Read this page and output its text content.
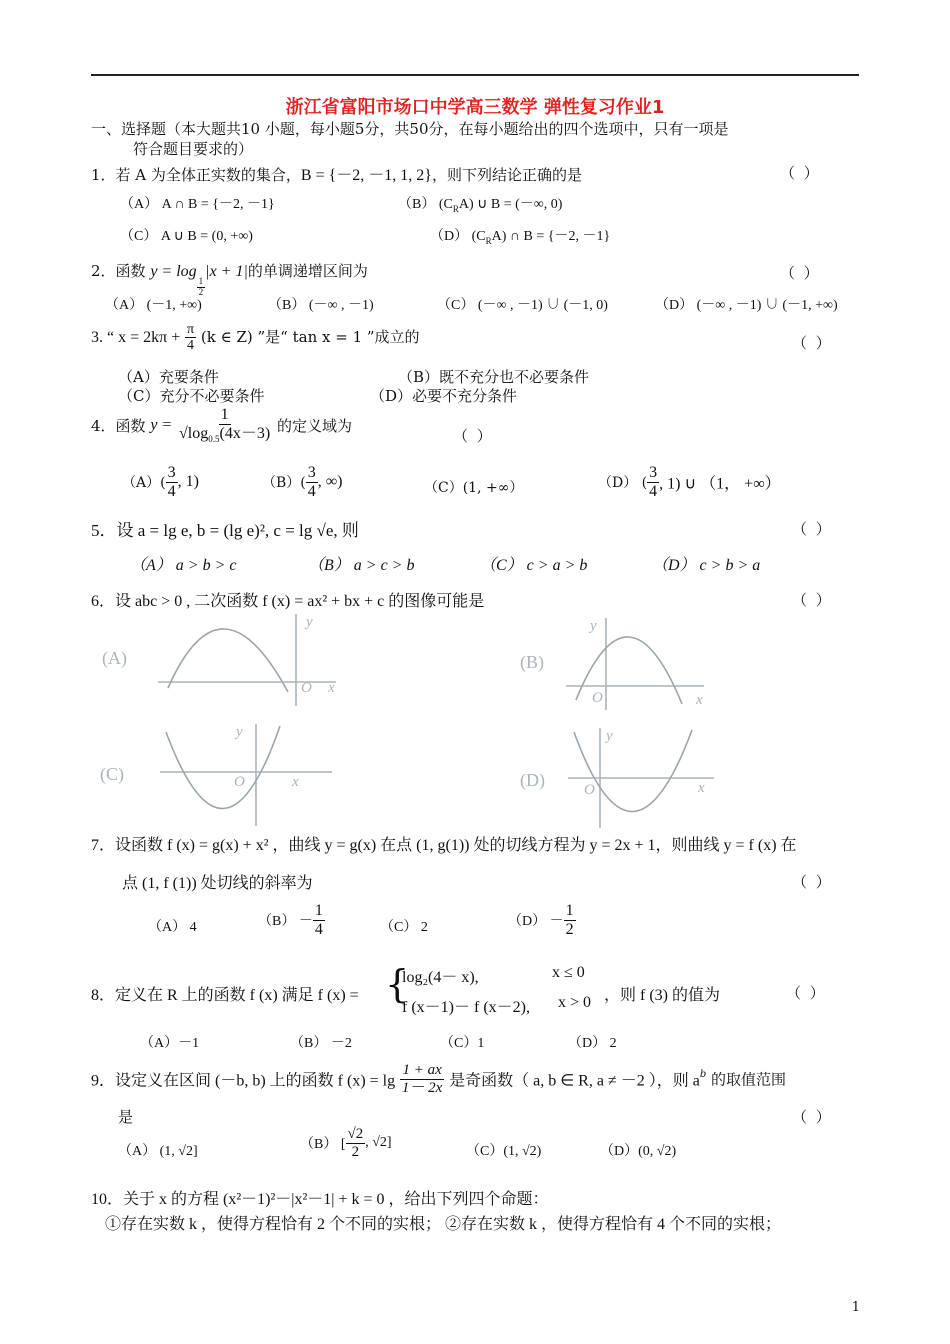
浙江省富阳市场口中学高三数学 弹性复习作业1
一、选择题（本大题共10 小题，每小题5分，共50分，在每小题给出的四个选项中，只有一项是
符合题目要求的）
1．若 A 为全体正实数的集合，B = {－2, －1, 1, 2}，则下列结论正确的是	（ ）
（A） A ∩ B = {－2, －1}	（B） $(C_RA)$ ∪ B = (－∞, 0)
（C） A ∪ B = (0, +∞)	（D） $(C_RA)$ ∩ B = {－2, －1}
2．函数 y = log
$\frac{1}{2}$
|x + 1|的单调递增区间为	（ ）
（A） (－1, +∞)	（B） (－∞ , －1)	（C） (－∞ , －1) ∪ (－1, 0)	（D） (－∞ , －1) ∪ (－1, +∞)
3. “ $x = 2k\pi + \frac{\pi}{4} (k$ ∈ Z) ”是“ tan x = 1 ”成立的	（ ）
（A）充要条件	（B）既不充分也不必要条件
（C）充分不必要条件	（D）必要不充分条件
4．函数 $y = \frac{1}{√\log_{0.5}(4x-3)}$ 的定义域为
（ ）
$(A)( \frac{3}{4}$ , 1)	$(B)( \frac{3}{4}$ , ∞)	（C）(1, +∞）	（D） ( $\frac{3}{4}$ , 1) ∪ （1， +∞）
5．设 a = lg e, b = (lg e)², c = lg √e, 则	（ ）
（A） a > b > c	（B） a > c > b	（C） c > a > b	（D） c > b > a
6．设 abc > 0 , 二次函数 f (x) = ax² + bx + c 的图像可能是	（ ）
(A)
y
x
O
(B)
y
x
O
(C)
y
x
O	(D)
y
x
O
7．设函数 f (x) = g(x) + x² ，曲线 y = g(x) 在点 (1, g(1)) 处的切线方程为 y = 2x + 1，则曲线 y = f (x) 在
点 (1, f (1)) 处切线的斜率为	（ ）
（A） 4	$(B) - \frac{1}{4}$	（C） 2	$(D) - \frac{1}{2}$
8．定义在 R 上的函数 f (x) 满足 f (x) = {
log₂(4－ x),	x ≤ 0
f (x－1)－ f (x－2), x > 0 ，则 f (3) 的值为	（ ）
（A）－1	（B） －2	（C）1	（D） 2
9．设定义在区间 (－b, b) 上的函数 f $(x) = \lg \frac{1 + ax}{1- 2x}$ 是奇函数（ a, b ∈ R, a ≠ －2 ），则 $a^b$ 的取值范围
是	（ ）
（A） (1, √2]	（B） [ $\frac{√2}{2}$ , √2]
（C）(1, √2)	（D）(0, √2)
10．关于 x 的方程 (x²－1)²－|x²－1| + k = 0 ，给出下列四个命题：
①存在实数 k ，使得方程恰有 2 个不同的实根； ②存在实数 k ，使得方程恰有 4 个不同的实根；
1
